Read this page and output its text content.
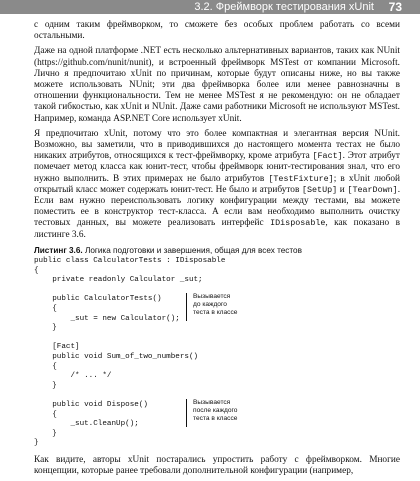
3.2. Фреймворк тестирования xUnit 73

с одним таким фреймворком, то сможете без особых проблем работать со всеми остальными.

Даже на одной платформе .NET есть несколько альтернативных вариантов, таких как NUnit (https://github.com/nunit/nunit), и встроенный фреймворк MSTest от компании Microsoft. Лично я предпочитаю xUnit по причинам, которые будут описаны ниже, но вы также можете использовать NUnit; эти два фреймворка более или менее равнозначны в отношении функциональности. Тем не менее MSTest я не рекомендую: он не обладает такой гибкостью, как xUnit и NUnit. Даже сами работники Microsoft не используют MSTest. Например, команда ASP.NET Core использует xUnit.

Я предпочитаю xUnit, потому что это более компактная и элегантная версия NUnit. Возможно, вы заметили, что в приводившихся до настоящего момента тестах не было никаких атрибутов, относящихся к тест-фреймворку, кроме атрибута [Fact]. Этот атрибут помечает метод класса как юнит-тест, чтобы фреймворк юнит-тестирования знал, что его нужно выполнить. В этих примерах не было атрибутов [TestFixture]; в xUnit любой открытый класс может содержать юнит-тест. Не было и атрибутов [SetUp] и [TearDown]. Если вам нужно переиспользовать логику конфигурации между тестами, вы можете поместить ее в конструктор тест-класса. А если вам необходимо выполнить очистку тестовых данных, вы можете реализовать интерфейс IDisposable, как показано в листинге 3.6.

Листинг 3.6. Логика подготовки и завершения, общая для всех тестов
public class CalculatorTests : IDisposable
{
private readonly Calculator _sut;
public CalculatorTests()
{
_sut = new Calculator();
}
[Fact]
public void Sum_of_two_numbers()
{
/* ... */
}
public void Dispose()
{
_sut.CleanUp();
}
}
Вызывается
до каждого
теста в классе
Вызывается
после каждого
теста в классе

Как видите, авторы xUnit постарались упростить работу с фреймворком. Многие концепции, которые ранее требовали дополнительной конфигурации (например,
